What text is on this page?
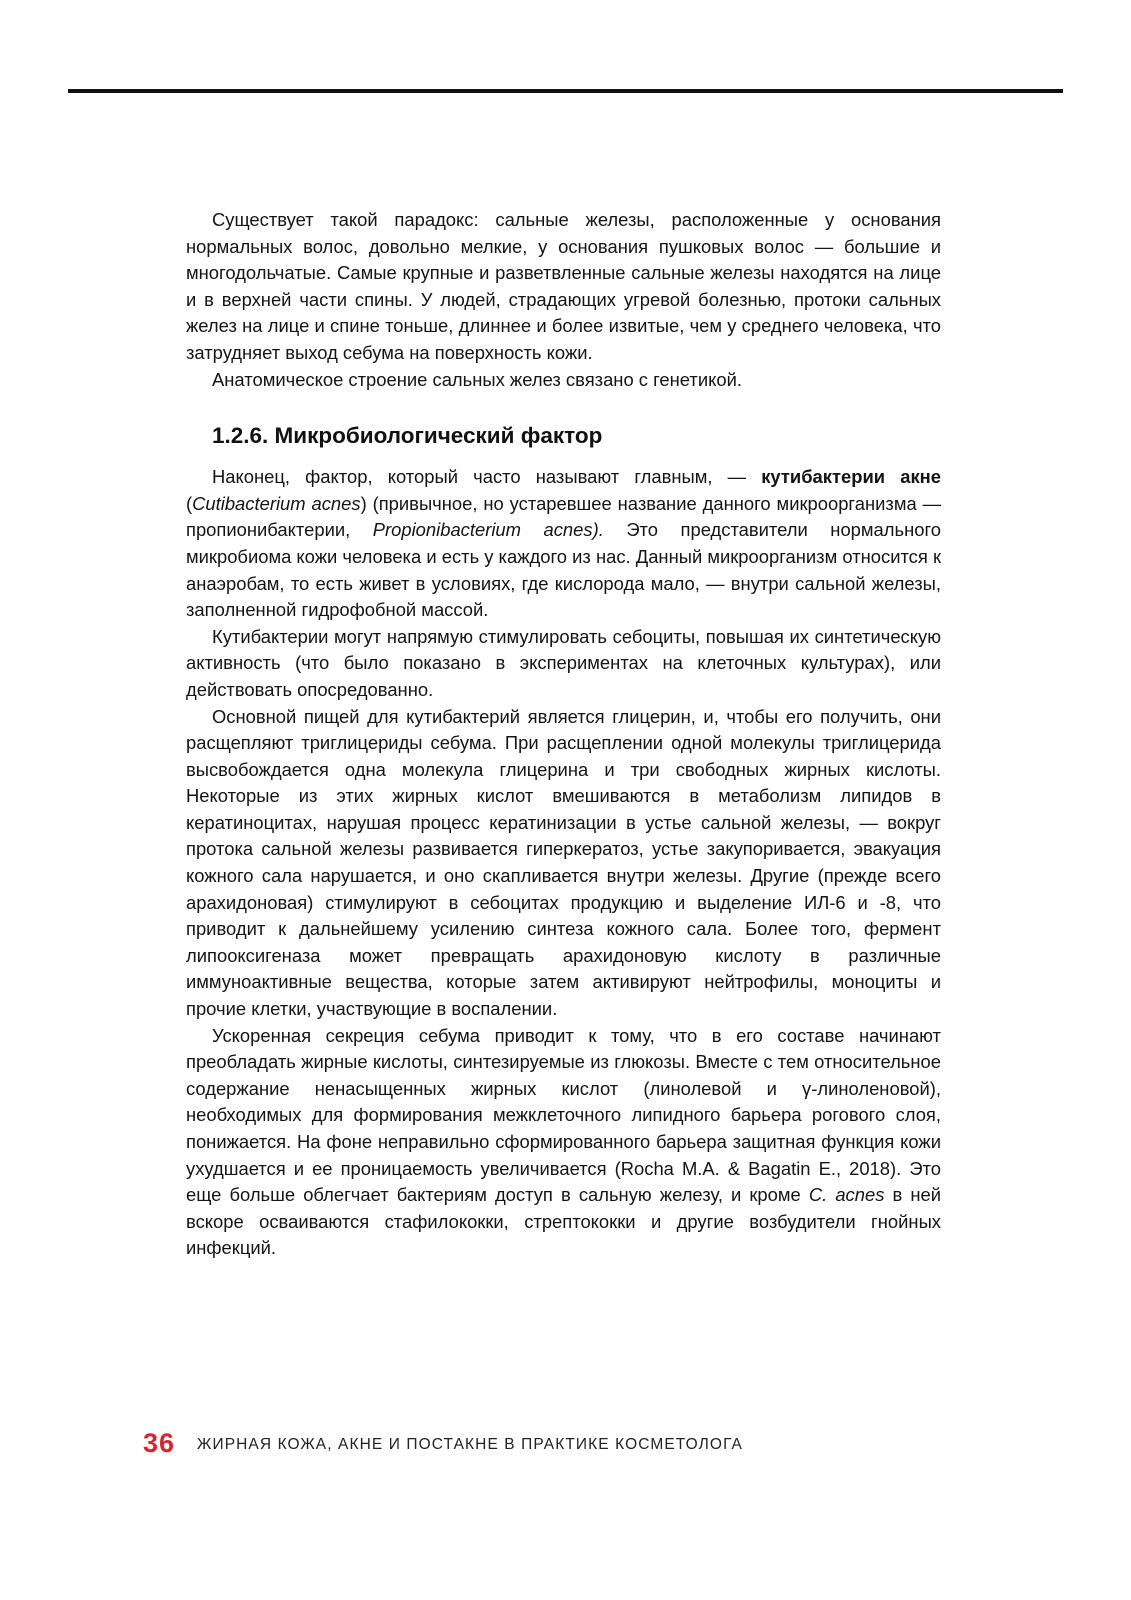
Существует такой парадокс: сальные железы, расположенные у основания нормальных волос, довольно мелкие, у основания пушковых волос — большие и многодольчатые. Самые крупные и разветвленные сальные железы находятся на лице и в верхней части спины. У людей, страдающих угревой болезнью, протоки сальных желез на лице и спине тоньше, длиннее и более извитые, чем у среднего человека, что затрудняет выход себума на поверхность кожи.

Анатомическое строение сальных желез связано с генетикой.

1.2.6. Микробиологический фактор

Наконец, фактор, который часто называют главным, — кутибактерии акне (Cutibacterium acnes) (привычное, но устаревшее название данного микроорганизма — пропионибактерии, Propionibacterium acnes). Это представители нормального микробиома кожи человека и есть у каждого из нас. Данный микроорганизм относится к анаэробам, то есть живет в условиях, где кислорода мало, — внутри сальной железы, заполненной гидрофобной массой.

Кутибактерии могут напрямую стимулировать себоциты, повышая их синтетическую активность (что было показано в экспериментах на клеточных культурах), или действовать опосредованно.

Основной пищей для кутибактерий является глицерин, и, чтобы его получить, они расщепляют триглицериды себума. При расщеплении одной молекулы триглицерида высвобождается одна молекула глицерина и три свободных жирных кислоты. Некоторые из этих жирных кислот вмешиваются в метаболизм липидов в кератиноцитах, нарушая процесс кератинизации в устье сальной железы, — вокруг протока сальной железы развивается гиперкератоз, устье закупоривается, эвакуация кожного сала нарушается, и оно скапливается внутри железы. Другие (прежде всего арахидоновая) стимулируют в себоцитах продукцию и выделение ИЛ-6 и -8, что приводит к дальнейшему усилению синтеза кожного сала. Более того, фермент липооксигеназа может превращать арахидоновую кислоту в различные иммуноактивные вещества, которые затем активируют нейтрофилы, моноциты и прочие клетки, участвующие в воспалении.

Ускоренная секреция себума приводит к тому, что в его составе начинают преобладать жирные кислоты, синтезируемые из глюкозы. Вместе с тем относительное содержание ненасыщенных жирных кислот (линолевой и γ-линоленовой), необходимых для формирования межклеточного липидного барьера рогового слоя, понижается. На фоне неправильно сформированного барьера защитная функция кожи ухудшается и ее проницаемость увеличивается (Rocha M.A. & Bagatin E., 2018). Это еще больше облегчает бактериям доступ в сальную железу, и кроме C. acnes в ней вскоре осваиваются стафилококки, стрептококки и другие возбудители гнойных инфекций.

36 ЖИРНАЯ КОЖА, АКНЕ И ПОСТАКНЕ В ПРАКТИКЕ КОСМЕТОЛОГА
